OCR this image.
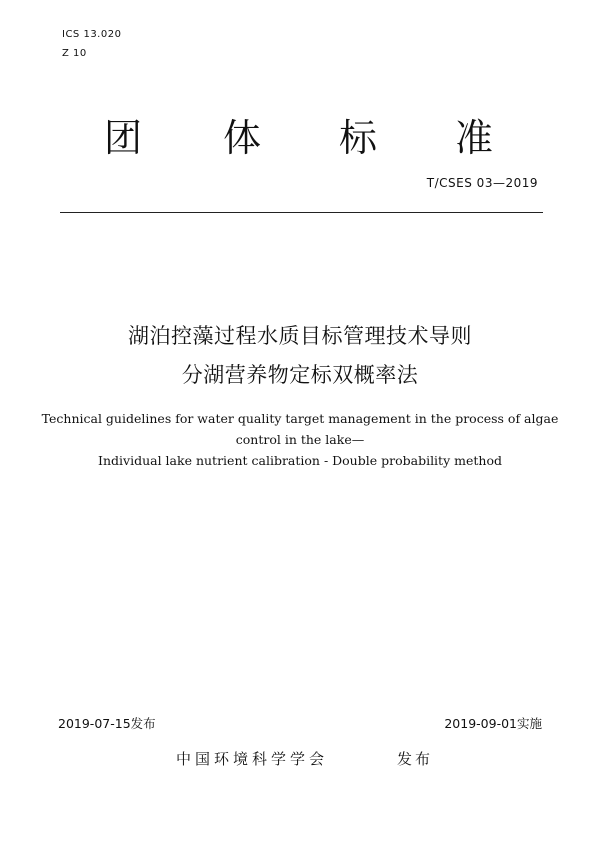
ICS 13.020
Z 10
团 体 标 准
T/CSES 03—2019
湖泊控藻过程水质目标管理技术导则
分湖营养物定标双概率法
Technical guidelines for water quality target management in the process of algae
control in the lake—
Individual lake nutrient calibration - Double probability method
2019-07-15发布	2019-09-01实施
中国环境科学学会	发布
